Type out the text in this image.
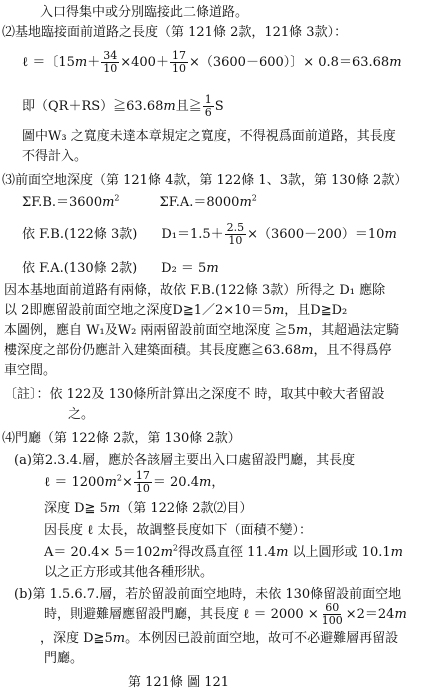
入口得集中或分別臨接此二條道路。
⑵基地臨接面前道路之長度（第 121條 2款，121條 3款）：
ℓ ＝〔$15m+ \frac{34}{10} \times 400+ \frac{17}{10} \times(3600-600)$〕× 0.8＝63.68m
即（QR＋RS）≧63.68m且≧ $\frac{1}{6}$ S
圖中W₃ 之寬度未達本章規定之寬度，不得視爲面前道路，其長度
不得計入。
⑶前面空地深度（第 121條 4款，第 122條 1、3款，第 130條 2款）
$\Sigma F.B.=3600m^2$	$\Sigma F.A.=8000m^2$
依 F.B.(122條 3款) $D_1=1.5+ \frac{2.5}{10} \times(3600-200)=10m$
依 F.A.(130條 2款) D₂ ＝ 5m
因本基地面前道路有兩條，故依 F.B.(122條 3款）所得之 D₁ 應除
以 2即應留設前面空地之深度D≧1／2×10＝5m，且D≧D₂
本圖例，應自 W₁及W₂ 兩兩留設前面空地深度 ≧5m，其超過法定騎
樓深度之部份仍應計入建築面積。其長度應≧63.68m，且不得爲停
車空間。
〔註〕：依 122及 130條所計算出之深度不 時，取其中較大者留設
之。
⑷門廳（第 122條 2款，第 130條 2款）
(a)第2.3.4.層，應於各該層主要出入口處留設門廳，其長度
ℓ ＝ $1200m^2\times \frac{17}{10} = 20.4m$，
深度 D≧ 5m（第 122條 2款⑵目）
因長度 ℓ 太長，故調整長度如下（面積不變）：
$A= 20.4\times 5=102m^2$得改爲直徑 11.4m 以上圓形或 10.1m
以之正方形或其他各種形狀。
(b)第 1.5.6.7.層，若於留設前面空地時，未依 130條留設前面空地
時，則避難層應留設門廳，其長度 ℓ ＝ $2000 \times \frac{60}{100} \times 2=24m$
，深度 D≧5m。本例因已設前面空地，故可不必避難層再留設
門廳。
第 121條 圖 121
